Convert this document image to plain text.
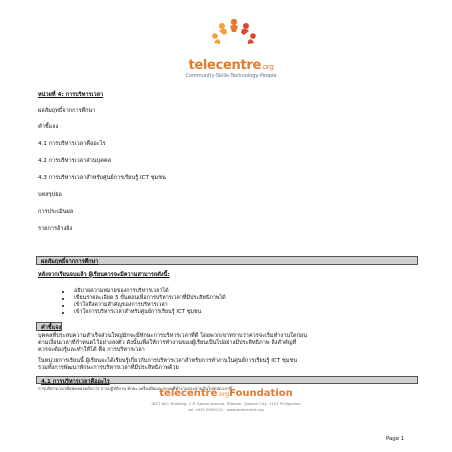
telecentre.org
Community·Skills·Technology·People
หน่วยที่ 4: การบริหารเวลา
ผลสัมฤทธิ์จากการศึกษา
คำชี้แจง
4.1 การบริหารเวลาคืออะไร
4.2 การบริหารเวลาส่วนบุคคล
4.3 การบริหารเวลาสำหรับศูนย์การเรียนรู้ ICT ชุมชน
บทสรุปย่อ
การประเมินผล
รายการอ้างอิง
ผลสัมฤทธิ์จากการศึกษา
หลังจากเรียนจบแล้ว ผู้เรียนควรจะมีความสามารถดังนี้:
อธิบายความหมายของการบริหารเวลาได้
เขียนรายละเอียด 5 ขั้นตอนเพื่อการบริหารเวลาที่มีประสิทธิภาพได้
เข้าใจถึงความสำคัญของการบริหารเวลา
เข้าใจการบริหารเวลาสำหรับศูนย์การเรียนรู้ ICT ชุมชน
คำชี้แจง
บุคคลที่ประสบความสำเร็จส่วนใหญ่มักจะมีทักษะการบริหารเวลาที่ดี โดยพวกเขาทราบว่าควรจะเริ่มทำงานใดก่อน
ตามเงื่อนเวลาที่กำหนดไว้อย่างลงตัว ดังนั้นเพื่อให้การทำงานของผู้เรียนเป็นไปอย่างมีประสิทธิภาพ สิ่งสำคัญที่
ควรจะต้องรู้และทำให้ได้ คือ การบริหารเวลา
ในหน่วยการเรียนนี้ ผู้เรียนจะได้เรียนรู้เกี่ยวกับการบริหารเวลาสำหรับการทำงานในศูนย์การเรียนรู้ ICT ชุมชน
รวมทั้งการพัฒนาทักษะการบริหารเวลาที่มีประสิทธิภาพด้วย
4.1 การบริหารเวลาคืออะไร
การบริหารเวลาคือชุดของหลักการ การปฏิบัติงาน ทักษะ เครื่องมือและระบบที่ทำงานประสานกันไปช่วยเวลาที่
telecentre.orgFoundation
IDCT-NCC Building, C.P. Garcia Avenue, Diliman, Quezon City, 1101 Philippines
tel +632 9200101 · www.telecentre.org
Page 1
